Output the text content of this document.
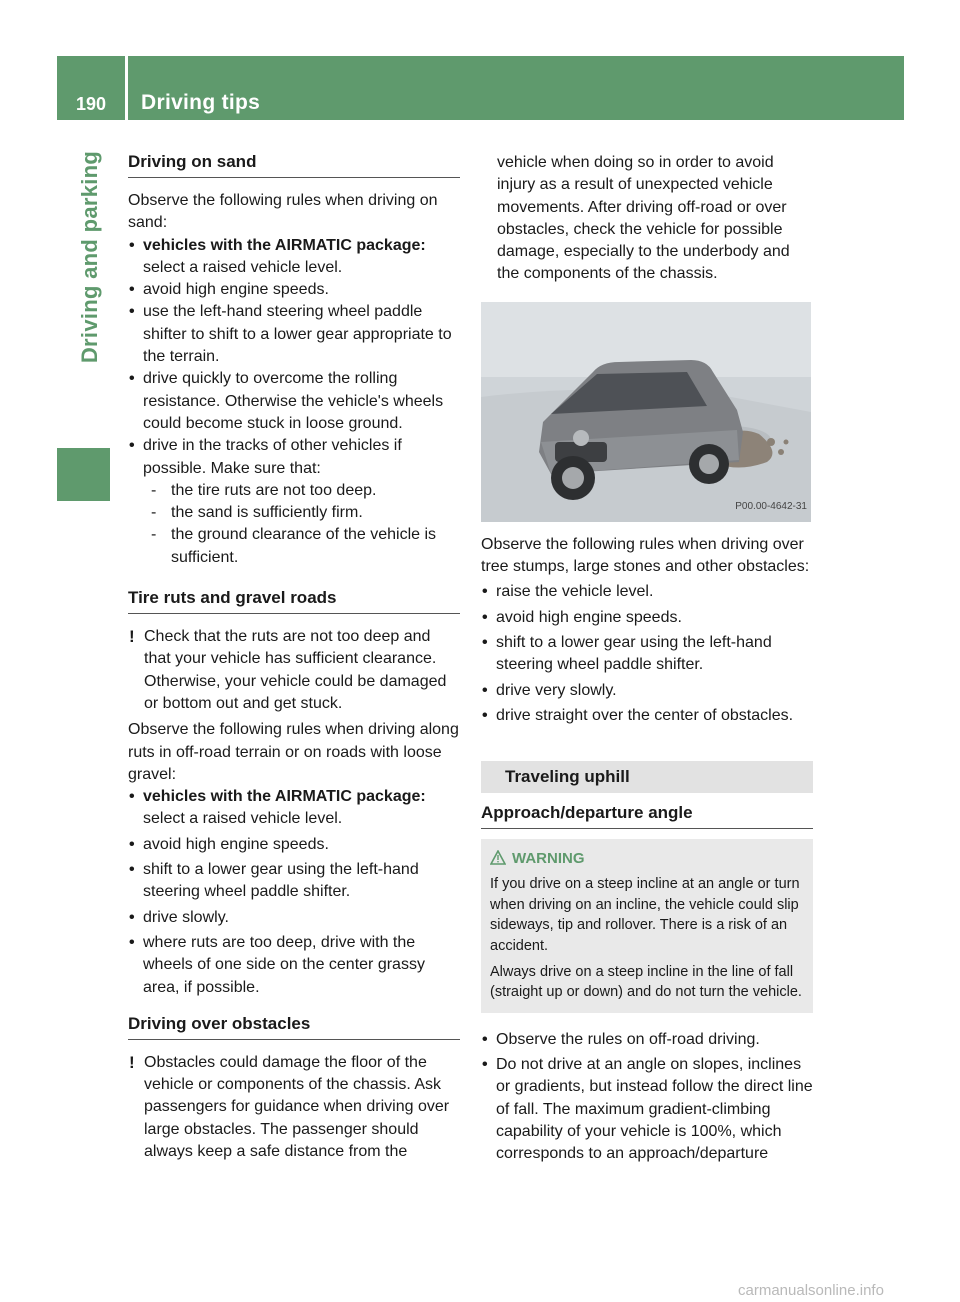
190	Driving tips
Driving and parking Driving on sand

Observe the following rules when driving on sand:

• vehicles with the AIRMATIC package:
select a raised vehicle level.
• avoid high engine speeds.
• use the left-hand steering wheel paddle shifter to shift to a lower gear appropriate to the terrain.
• drive quickly to overcome the rolling resistance. Otherwise the vehicle's wheels could become stuck in loose ground.
• drive in the tracks of other vehicles if possible. Make sure that:
- the tire ruts are not too deep.
- the sand is sufficiently firm.
- the ground clearance of the vehicle is sufficient.
Tire ruts and gravel roads

! Check that the ruts are not too deep and that your vehicle has sufficient clearance. Otherwise, your vehicle could be damaged or bottom out and get stuck.

Observe the following rules when driving along ruts in off-road terrain or on roads with loose gravel:

• vehicles with the AIRMATIC package:
select a raised vehicle level.
• avoid high engine speeds.
• shift to a lower gear using the left-hand steering wheel paddle shifter.
• drive slowly.
• where ruts are too deep, drive with the wheels of one side on the center grassy area, if possible.
Driving over obstacles

! Obstacles could damage the floor of the vehicle or components of the chassis. Ask passengers for guidance when driving over large obstacles. The passenger should always keep a safe distance from the

vehicle when doing so in order to avoid injury as a result of unexpected vehicle movements. After driving off-road or over obstacles, check the vehicle for possible damage, especially to the underbody and the components of the chassis.

P00.00-4642-31

Observe the following rules when driving over tree stumps, large stones and other obstacles:

• raise the vehicle level.
• avoid high engine speeds.
• shift to a lower gear using the left-hand steering wheel paddle shifter.
• drive very slowly.
• drive straight over the center of obstacles.
Traveling uphill
Approach/departure angle
WARNING

If you drive on a steep incline at an angle or turn when driving on an incline, the vehicle could slip sideways, tip and rollover. There is a risk of an accident.

Always drive on a steep incline in the line of fall (straight up or down) and do not turn the vehicle.

• Observe the rules on off-road driving.
• Do not drive at an angle on slopes, inclines or gradients, but instead follow the direct line of fall. The maximum gradient-climbing capability of your vehicle is 100%, which corresponds to an approach/departure
carmanualsonline.info
